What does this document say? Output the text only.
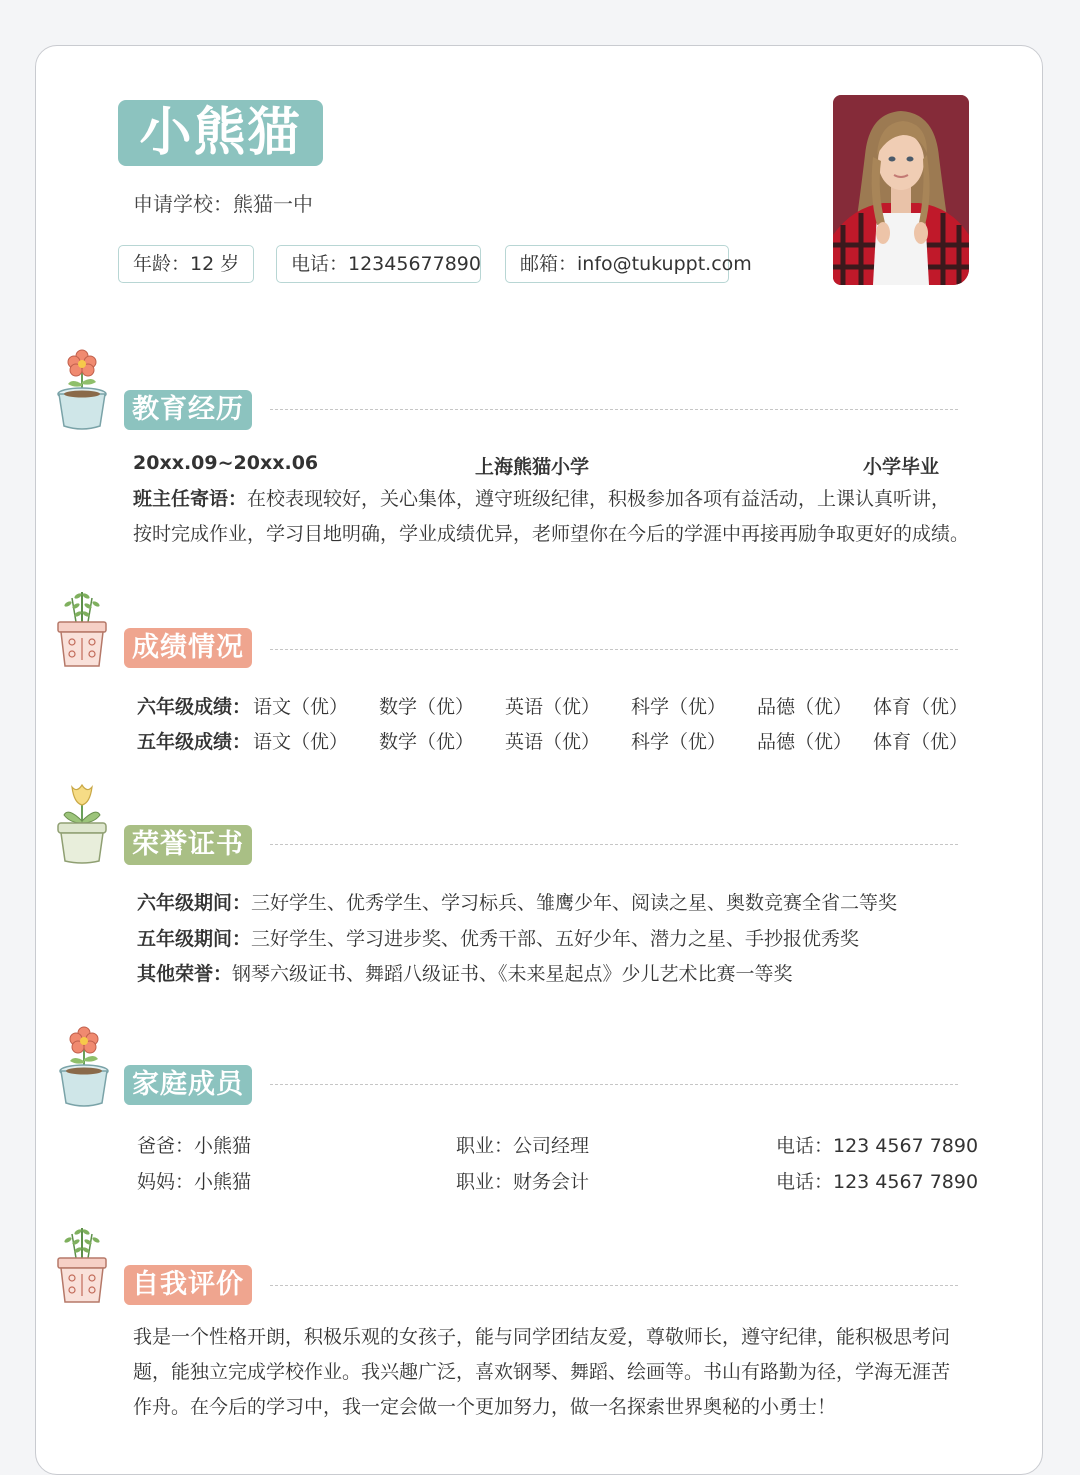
小熊猫
申请学校：熊猫一中
年龄：12 岁	电话：12345677890	邮箱：info@tukuppt.com
教育经历
20xx.09~20xx.06	上海熊猫小学	小学毕业
班主任寄语：在校表现较好，关心集体，遵守班级纪律，积极参加各项有益活动，上课认真听讲，
按时完成作业，学习目地明确，学业成绩优异，老师望你在今后的学涯中再接再励争取更好的成绩。
成绩情况
六年级成绩： 语文（优） 数学（优） 英语（优） 科学（优） 品德（优） 体育（优）
五年级成绩： 语文（优） 数学（优） 英语（优） 科学（优） 品德（优） 体育（优）
荣誉证书
六年级期间：三好学生、优秀学生、学习标兵、雏鹰少年、阅读之星、奥数竞赛全省二等奖
五年级期间：三好学生、学习进步奖、优秀干部、五好少年、潜力之星、手抄报优秀奖
其他荣誉：钢琴六级证书、舞蹈八级证书、《未来星起点》少儿艺术比赛一等奖
家庭成员
爸爸：小熊猫	职业：公司经理	电话：123 4567 7890
妈妈：小熊猫	职业：财务会计	电话：123 4567 7890
自我评价
我是一个性格开朗，积极乐观的女孩子，能与同学团结友爱，尊敬师长，遵守纪律，能积极思考问
题，能独立完成学校作业。我兴趣广泛，喜欢钢琴、舞蹈、绘画等。书山有路勤为径，学海无涯苦
作舟。在今后的学习中，我一定会做一个更加努力，做一名探索世界奥秘的小勇士！
